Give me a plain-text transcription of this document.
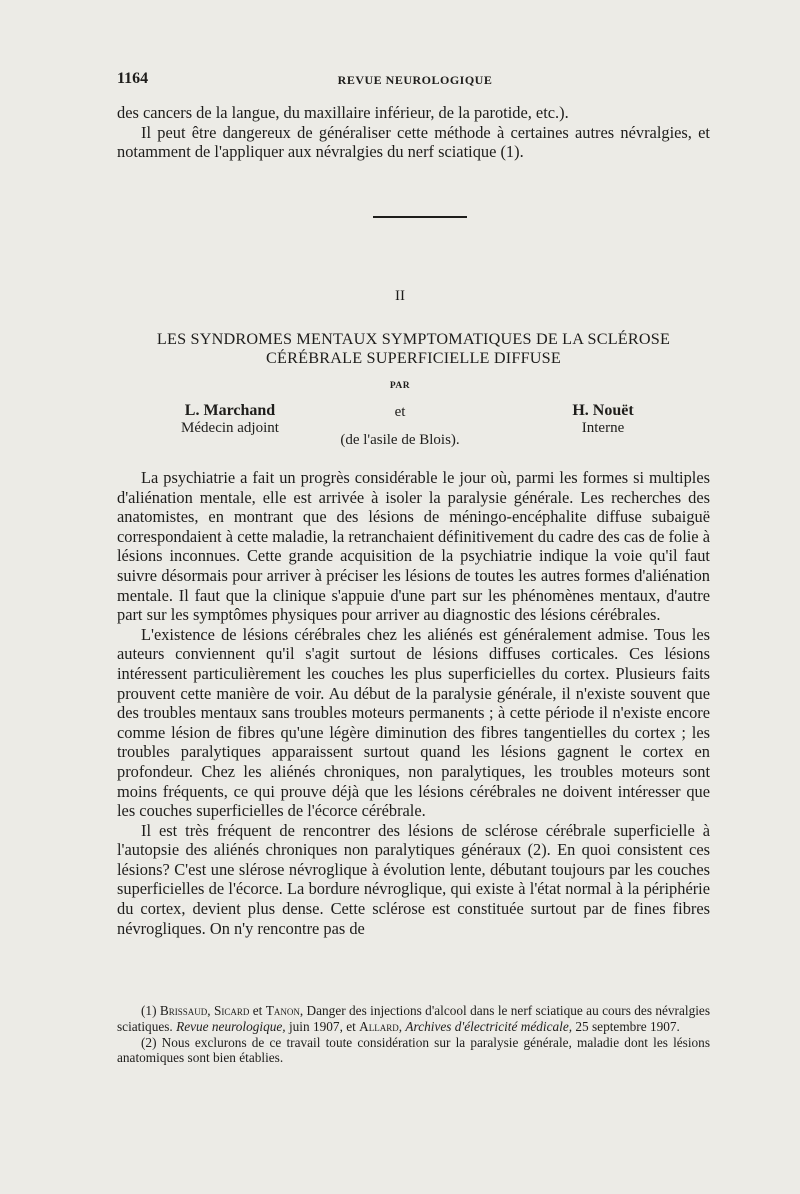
1164	REVUE NEUROLOGIQUE

des cancers de la langue, du maxillaire inférieur, de la parotide, etc.).

Il peut être dangereux de généraliser cette méthode à certaines autres névralgies, et notamment de l'appliquer aux névralgies du nerf sciatique (1).

II
LES SYNDROMES MENTAUX SYMPTOMATIQUES DE LA SCLÉROSE
CÉRÉBRALE SUPERFICIELLE DIFFUSE
PAR
L. Marchand
Médecin adjoint
et	H. Nouët
Interne
(de l'asile de Blois).

La psychiatrie a fait un progrès considérable le jour où, parmi les formes si multiples d'aliénation mentale, elle est arrivée à isoler la paralysie générale. Les recherches des anatomistes, en montrant que des lésions de méningo-encéphalite diffuse subaiguë correspondaient à cette maladie, la retranchaient définitivement du cadre des cas de folie à lésions inconnues. Cette grande acquisition de la psychiatrie indique la voie qu'il faut suivre désormais pour arriver à préciser les lésions de toutes les autres formes d'aliénation mentale. Il faut que la clinique s'appuie d'une part sur les phénomènes mentaux, d'autre part sur les symptômes physiques pour arriver au diagnostic des lésions cérébrales.

L'existence de lésions cérébrales chez les aliénés est généralement admise. Tous les auteurs conviennent qu'il s'agit surtout de lésions diffuses corticales. Ces lésions intéressent particulièrement les couches les plus superficielles du cortex. Plusieurs faits prouvent cette manière de voir. Au début de la paralysie générale, il n'existe souvent que des troubles mentaux sans troubles moteurs permanents ; à cette période il n'existe encore comme lésion de fibres qu'une légère diminution des fibres tangentielles du cortex ; les troubles paralytiques apparaissent surtout quand les lésions gagnent le cortex en profondeur. Chez les aliénés chroniques, non paralytiques, les troubles moteurs sont moins fréquents, ce qui prouve déjà que les lésions cérébrales ne doivent intéresser que les couches superficielles de l'écorce cérébrale.

Il est très fréquent de rencontrer des lésions de sclérose cérébrale superficielle à l'autopsie des aliénés chroniques non paralytiques généraux (2). En quoi consistent ces lésions? C'est une slérose névroglique à évolution lente, débutant toujours par les couches superficielles de l'écorce. La bordure névroglique, qui existe à l'état normal à la périphérie du cortex, devient plus dense. Cette sclérose est constituée surtout par de fines fibres névrogliques. On n'y rencontre pas de

(1) Brissaud, Sicard et Tanon, Danger des injections d'alcool dans le nerf sciatique au cours des névralgies sciatiques. Revue neurologique, juin 1907, et Allard, Archives d'électricité médicale, 25 septembre 1907.

(2) Nous exclurons de ce travail toute considération sur la paralysie générale, maladie dont les lésions anatomiques sont bien établies.
